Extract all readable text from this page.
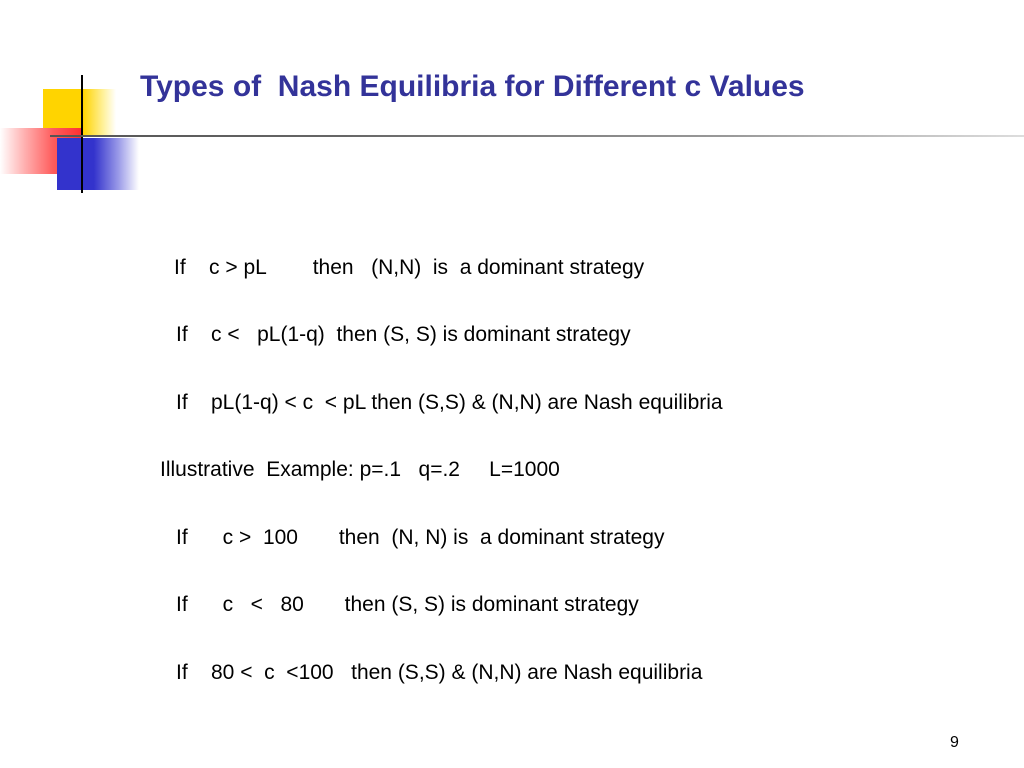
Types of  Nash Equilibria for Different c Values

If    c > pL        then   (N,N)  is  a dominant strategy

If    c <   pL(1-q)  then (S, S) is dominant strategy

If    pL(1-q) < c  < pL then (S,S) & (N,N) are Nash equilibria

Illustrative  Example: p=.1   q=.2     L=1000

If      c >  100       then  (N, N) is  a dominant strategy

If      c   <   80       then (S, S) is dominant strategy

If    80 <  c  <100   then (S,S) & (N,N) are Nash equilibria

9
